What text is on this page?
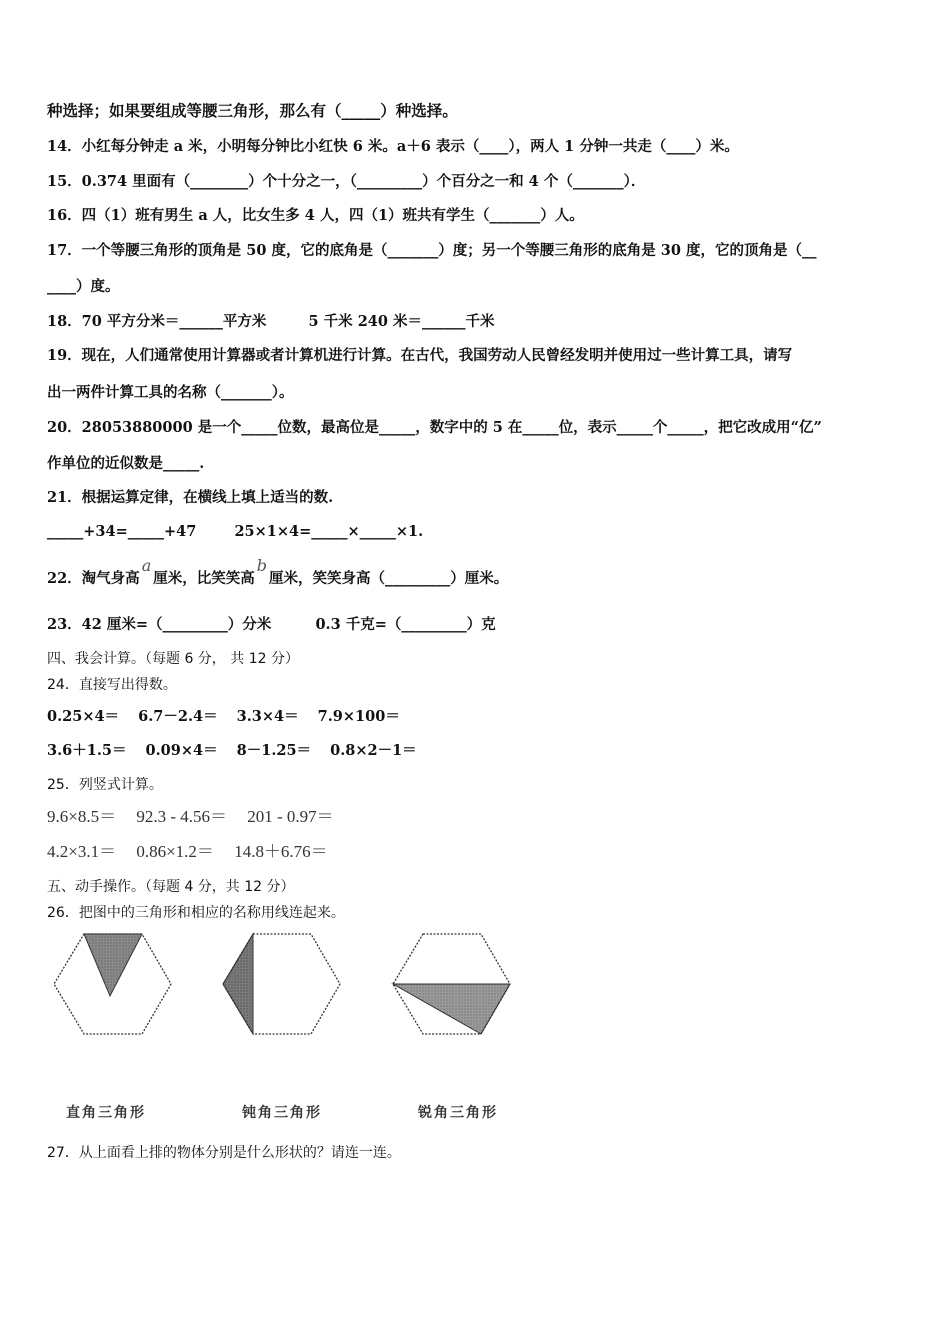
种选择；如果要组成等腰三角形，那么有（_____）种选择。
14．小红每分钟走 a 米，小明每分钟比小红快 6 米。a＋6 表示（____），两人 1 分钟一共走（____）米。
15．0.374 里面有（________）个十分之一，（_________）个百分之一和 4 个（_______）．
16．四（1）班有男生 a 人，比女生多 4 人，四（1）班共有学生（_______）人。
17．一个等腰三角形的顶角是 50 度，它的底角是（_______）度；另一个等腰三角形的底角是 30 度，它的顶角是（__
____）度。
18．70 平方分米＝______平方米	5 千米 240 米＝______千米
19．现在，人们通常使用计算器或者计算机进行计算。在古代，我国劳动人民曾经发明并使用过一些计算工具，请写
出一两件计算工具的名称（_______）。
20．28053880000 是一个_____位数，最高位是_____，数字中的 5 在_____位，表示_____个_____，把它改成用“亿”
作单位的近似数是_____.
21．根据运算定律，在横线上填上适当的数.
_____+34=_____+47	25×1×4=_____×_____×1.
22．淘气身高a厘米，比笑笑高b厘米，笑笑身高（_________）厘米。
23．42 厘米=（_________）分米	0.3 千克=（_________）克
四、我会计算。（每题 6 分， 共 12 分）
24．直接写出得数。
0.25×4＝ 6.7－2.4＝ 3.3×4＝ 7.9×100＝
3.6＋1.5＝ 0.09×4＝ 8－1.25＝ 0.8×2－1＝
25．列竖式计算。
9.6×8.5＝ 92.3 - 4.56＝ 201 - 0.97＝
4.2×3.1＝ 0.86×1.2＝ 14.8＋6.76＝
五、动手操作。（每题 4 分，共 12 分）
26．把图中的三角形和相应的名称用线连起来。
直角三角形	钝角三角形	锐角三角形
27．从上面看上排的物体分别是什么形状的？请连一连。
